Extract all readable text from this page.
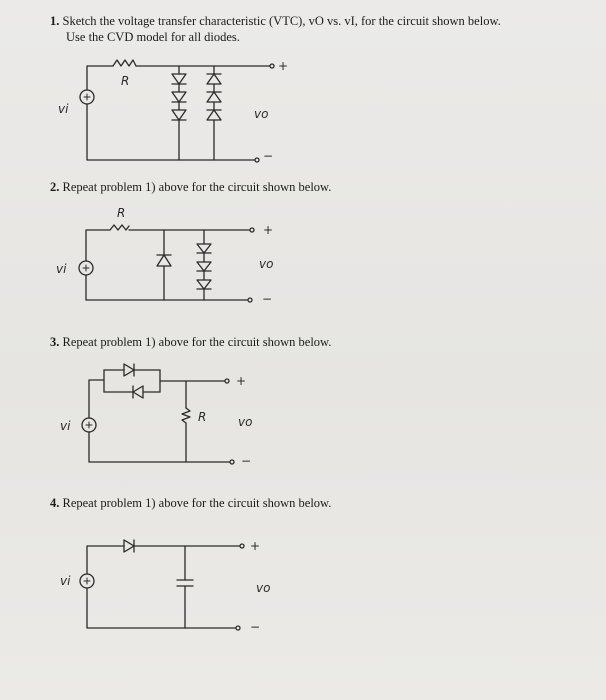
1. Sketch the voltage transfer characteristic (VTC), vO vs. vI, for the circuit shown below.
Use the CVD model for all diodes.
2. Repeat problem 1) above for the circuit shown below.
3. Repeat problem 1) above for the circuit shown below.
4. Repeat problem 1) above for the circuit shown below.
vi
R
+
vo
−
vi
R
+
vo
−
vi
R
+
vo
−
vi
+
vo
−
